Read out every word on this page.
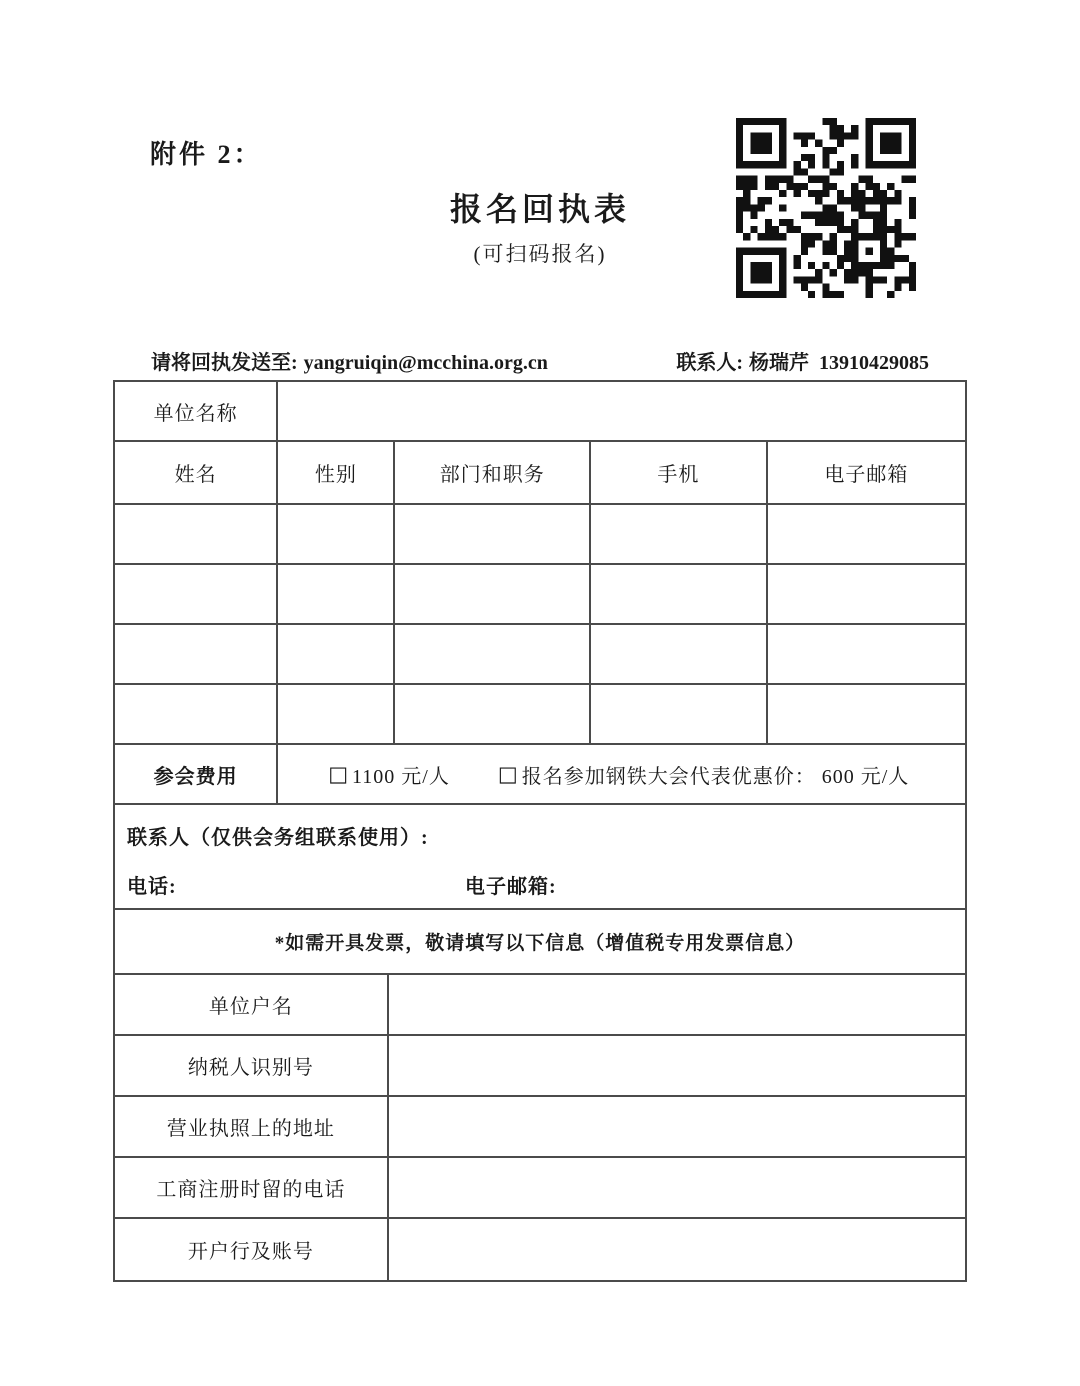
附件 2：
报名回执表
(可扫码报名)
请将回执发送至: yangruiqin@mcchina.org.cn	联系人: 杨瑞芹 13910429085
单位名称
姓名	性别	部门和职务	手机	电子邮箱
参会费用	□ 1100 元/人 □ 报名参加钢铁大会代表优惠价： 600 元/人
联系人（仅供会务组联系使用）:
电话:	电子邮箱:
*如需开具发票，敬请填写以下信息（增值税专用发票信息）
单位户名
纳税人识别号
营业执照上的地址
工商注册时留的电话
开户行及账号
